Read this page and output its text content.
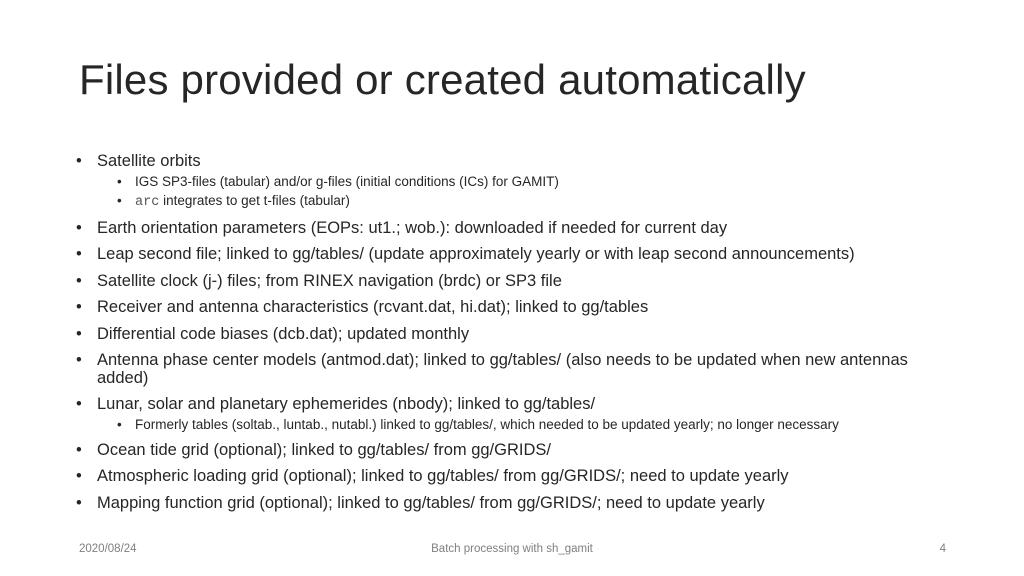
Files provided or created automatically
• Satellite orbits
• IGS SP3-files (tabular) and/or g-files (initial conditions (ICs) for GAMIT)
• arc integrates to get t-files (tabular)
• Earth orientation parameters (EOPs: ut1.; wob.): downloaded if needed for current day
• Leap second file; linked to gg/tables/ (update approximately yearly or with leap second announcements)
• Satellite clock (j-) files; from RINEX navigation (brdc) or SP3 file
• Receiver and antenna characteristics (rcvant.dat, hi.dat); linked to gg/tables
• Differential code biases (dcb.dat); updated monthly
• Antenna phase center models (antmod.dat); linked to gg/tables/ (also needs to be updated when new antennas added)
• Lunar, solar and planetary ephemerides (nbody); linked to gg/tables/
• Formerly tables (soltab., luntab., nutabl.) linked to gg/tables/, which needed to be updated yearly; no longer necessary
• Ocean tide grid (optional); linked to gg/tables/ from gg/GRIDS/
• Atmospheric loading grid (optional); linked to gg/tables/ from gg/GRIDS/; need to update yearly
• Mapping function grid (optional); linked to gg/tables/ from gg/GRIDS/; need to update yearly
2020/08/24	Batch processing with sh_gamit	4
